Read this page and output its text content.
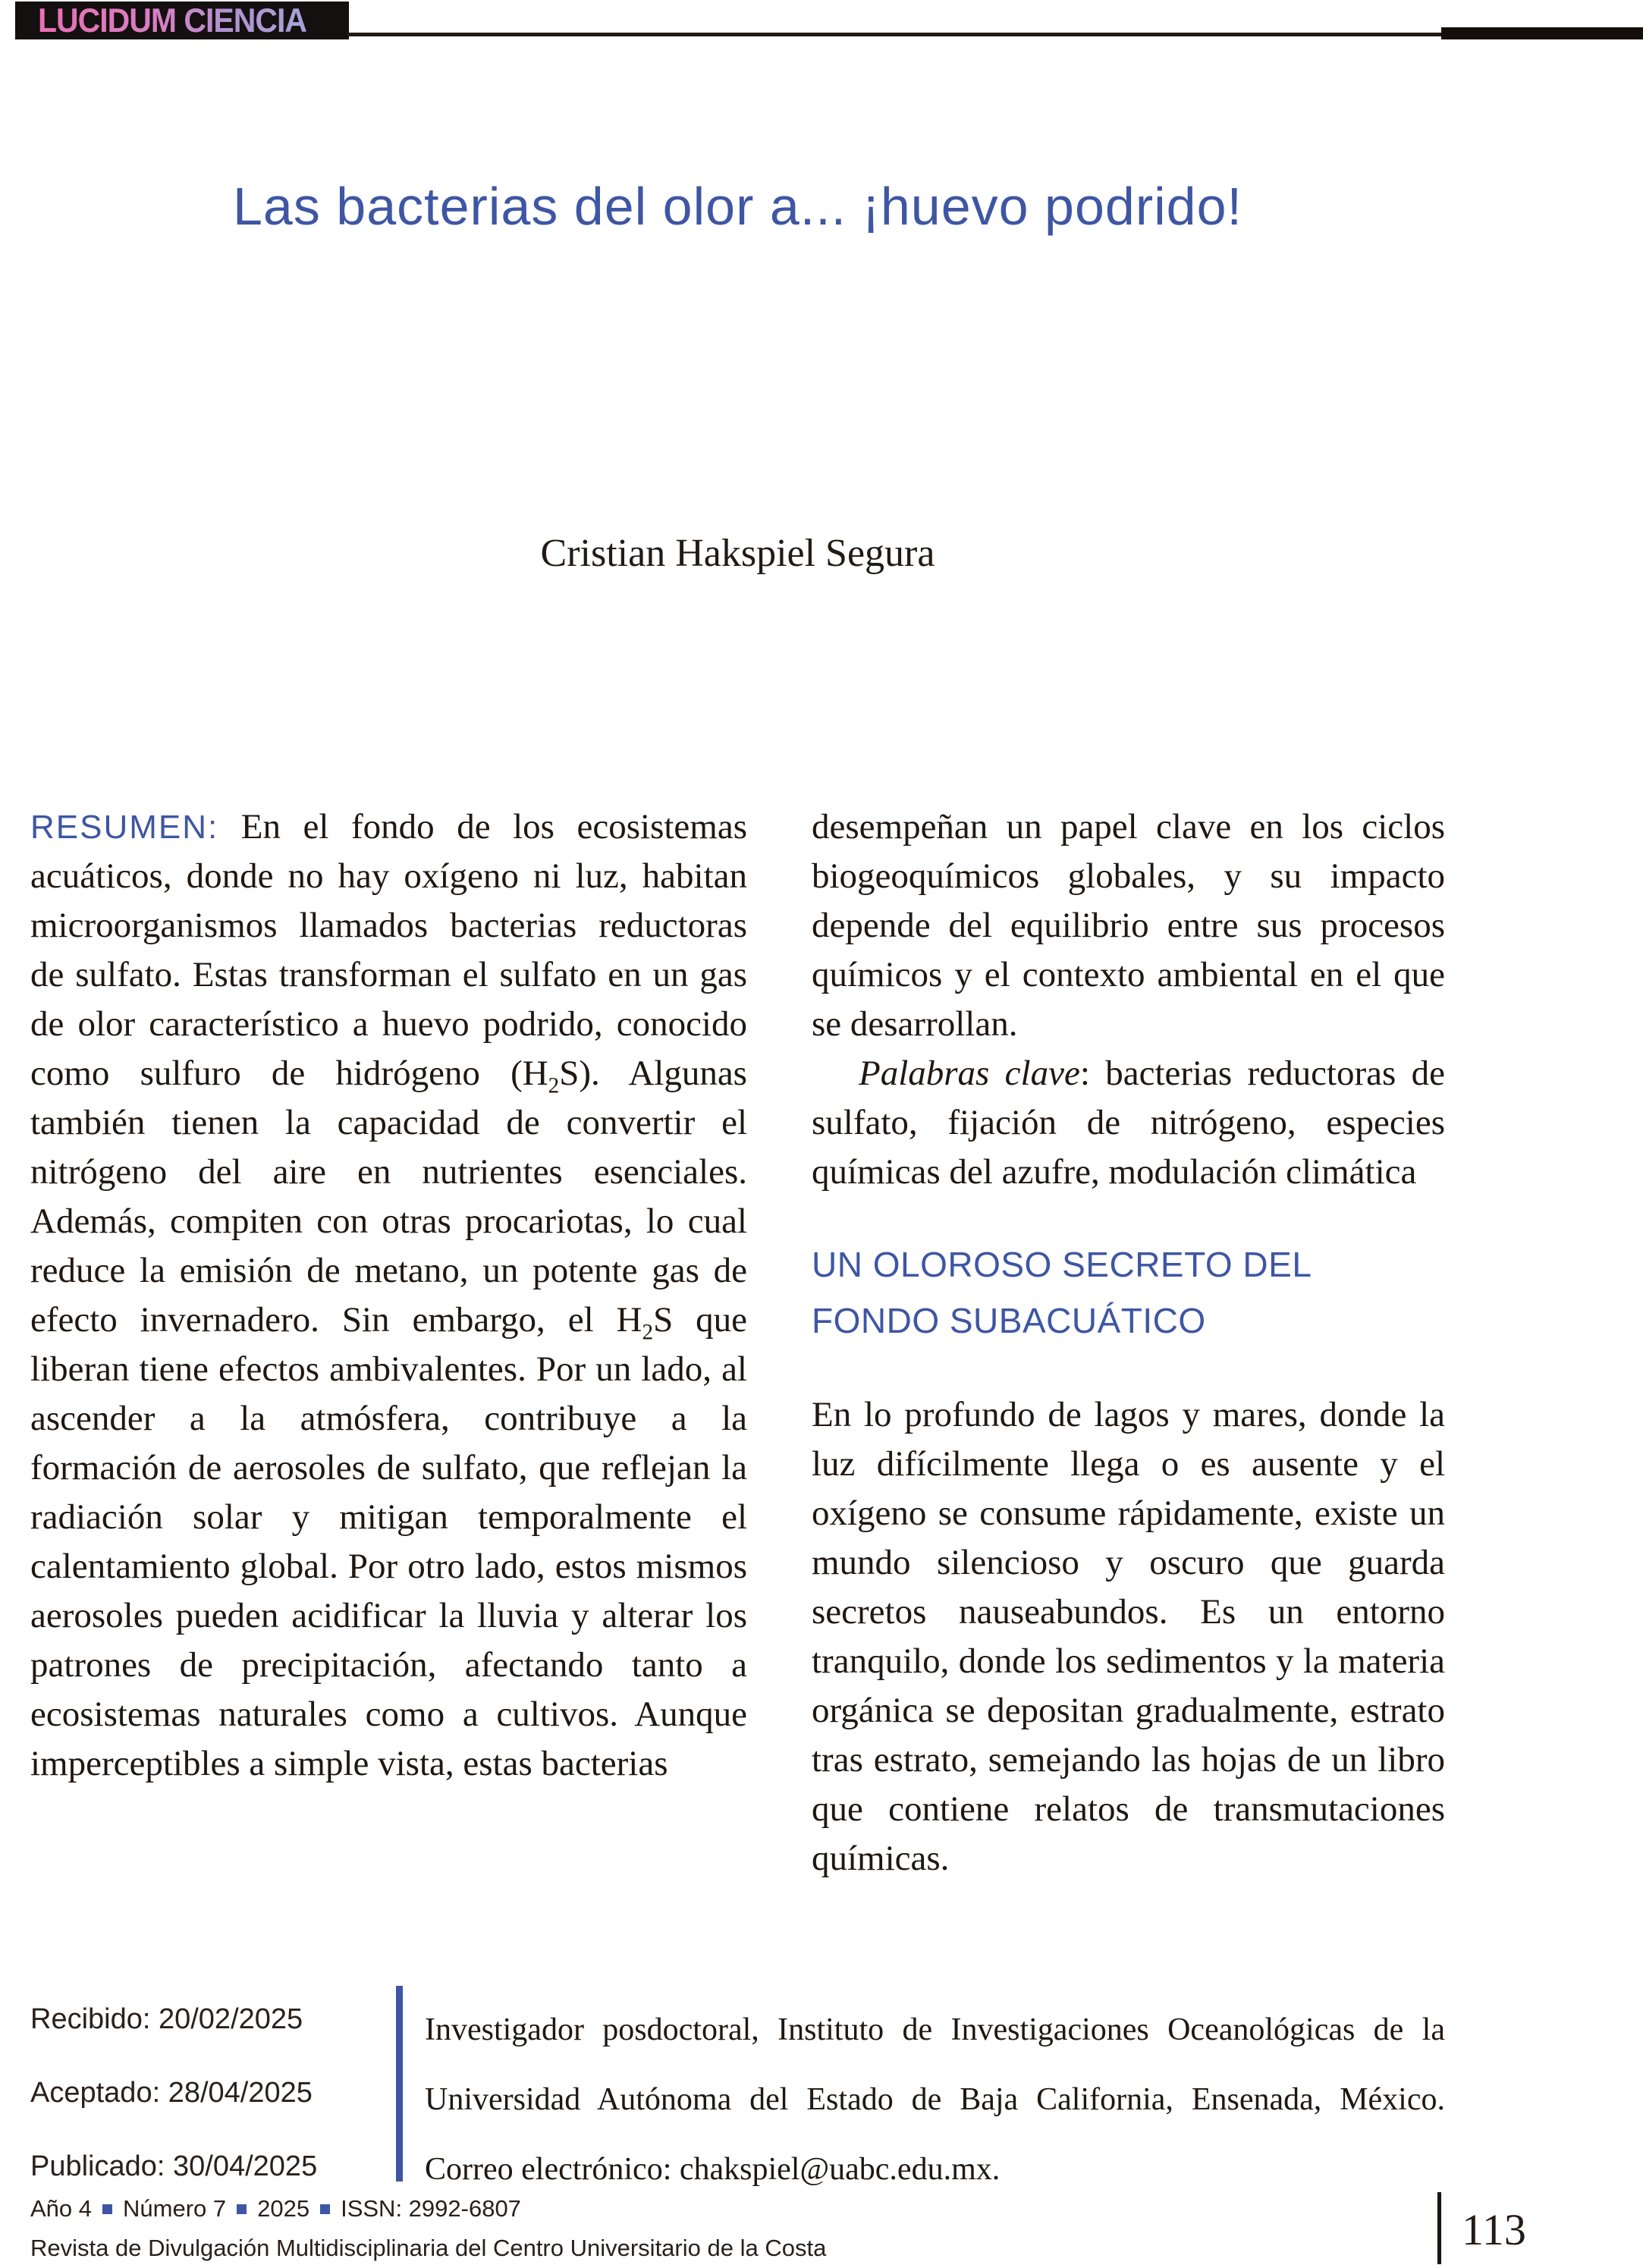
LUCIDUM CIENCIA
Las bacterias del olor a... ¡huevo podrido!
Cristian Hakspiel Segura

RESUMEN: En el fondo de los ecosistemas acuáticos, donde no hay oxígeno ni luz, habitan microorganismos llamados bacterias reductoras de sulfato. Estas transforman el sulfato en un gas de olor característico a huevo podrido, conocido como sulfuro de hidrógeno $(H_2S)$. Algunas también tienen la capacidad de convertir el nitrógeno del aire en nutrientes esenciales. Además, compiten con otras procariotas, lo cual reduce la emisión de metano, un potente gas de efecto invernadero. Sin embargo, el $H_2S$ que liberan tiene efectos ambivalentes. Por un lado, al ascender a la atmósfera, contribuye a la formación de aerosoles de sulfato, que reflejan la radiación solar y mitigan temporalmente el calentamiento global. Por otro lado, estos mismos aerosoles pueden acidificar la lluvia y alterar los patrones de precipitación, afectando tanto a ecosistemas naturales como a cultivos. Aunque imperceptibles a simple vista, estas bacterias

desempeñan un papel clave en los ciclos biogeoquímicos globales, y su impacto depende del equilibrio entre sus procesos químicos y el contexto ambiental en el que se desarrollan.

Palabras clave: bacterias reductoras de sulfato, fijación de nitrógeno, especies químicas del azufre, modulación climática

UN OLOROSO SECRETO DEL FONDO SUBACUÁTICO

En lo profundo de lagos y mares, donde la luz difícilmente llega o es ausente y el oxígeno se consume rápidamente, existe un mundo silencioso y oscuro que guarda secretos nauseabundos. Es un entorno tranquilo, donde los sedimentos y la materia orgánica se depositan gradualmente, estrato tras estrato, semejando las hojas de un libro que contiene relatos de transmutaciones químicas.

Recibido: 20/02/2025
Aceptado: 28/04/2025
Publicado: 30/04/2025
Investigador posdoctoral, Instituto de Investigaciones Oceanológicas de la Universidad Autónoma del Estado de Baja California, Ensenada, México. Correo electrónico: chakspiel@uabc.edu.mx.
Año 4 Número 7 2025 ISSN: 2992-6807
Revista de Divulgación Multidisciplinaria del Centro Universitario de la Costa	113
